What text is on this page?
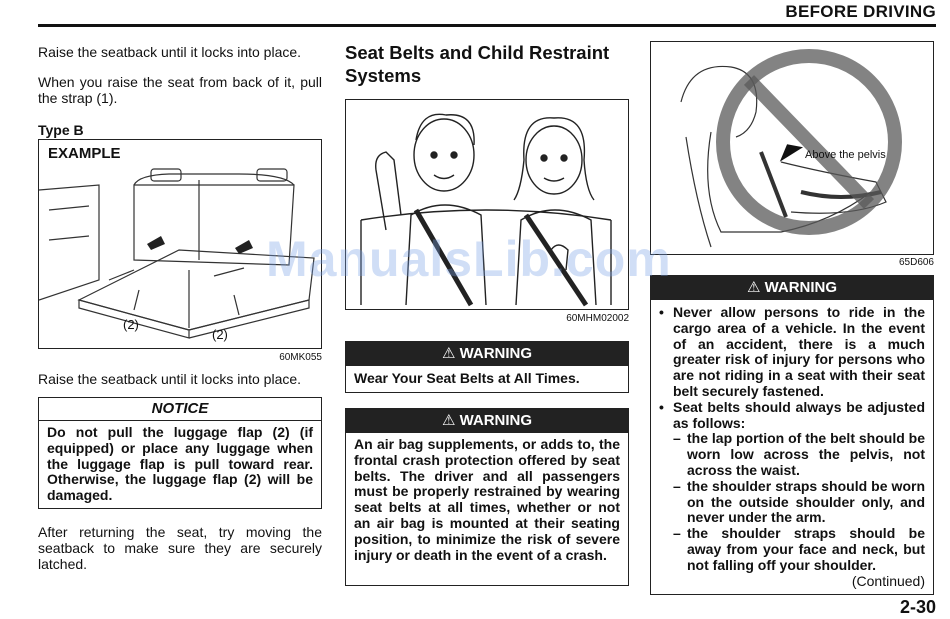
BEFORE DRIVING
Raise the seatback until it locks into place.
When you raise the seat from back of it, pull the strap (1).
Type B
EXAMPLE
(2)
(2)
60MK055
Raise the seatback until it locks into place.
NOTICE
Do not pull the luggage flap (2) (if equipped) or place any luggage when the luggage flap is pull toward rear. Otherwise, the luggage flap (2) will be damaged.
After returning the seat, try moving the seatback to make sure they are securely latched.
Seat Belts and Child Restraint Systems
60MHM02002
⚠ WARNING
Wear Your Seat Belts at All Times.
⚠ WARNING
An air bag supplements, or adds to, the frontal crash protection offered by seat belts. The driver and all passengers must be properly restrained by wearing seat belts at all times, whether or not an air bag is mounted at their seating position, to minimize the risk of severe injury or death in the event of a crash.
Above the pelvis
65D606
⚠ WARNING
• Never allow persons to ride in the cargo area of a vehicle. In the event of an accident, there is a much greater risk of injury for persons who are not riding in a seat with their seat belt securely fastened.
• Seat belts should always be adjusted as follows:
– the lap portion of the belt should be worn low across the pelvis, not across the waist.
– the shoulder straps should be worn on the outside shoulder only, and never under the arm.
– the shoulder straps should be away from your face and neck, but not falling off your shoulder.
(Continued)
ManualsLib.com
2-30
